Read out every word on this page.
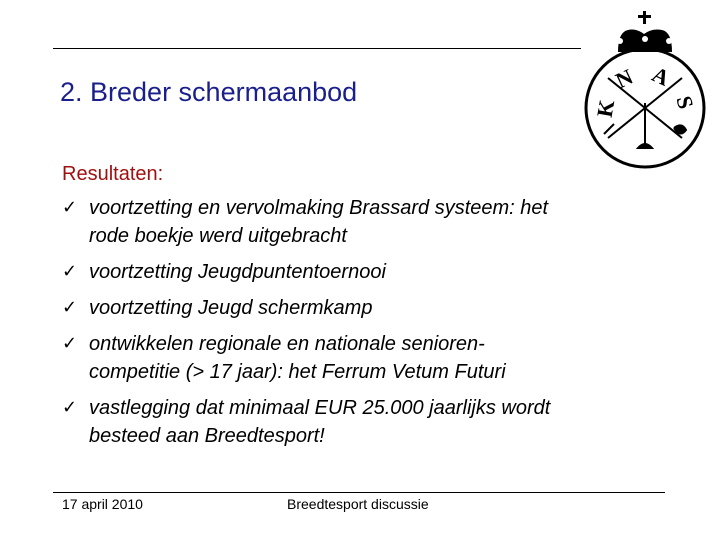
2. Breder schermaanbod
K
N A
S
Resultaten:
✓ voortzetting en vervolmaking Brassard systeem: het
rode boekje werd uitgebracht
✓ voortzetting Jeugdpuntentoernooi
✓ voortzetting Jeugd schermkamp
✓ ontwikkelen regionale en nationale senioren-
competitie (> 17 jaar): het Ferrum Vetum Futuri
✓ vastlegging dat minimaal EUR 25.000 jaarlijks wordt
besteed aan Breedtesport!
17 april 2010	Breedtesport discussie
